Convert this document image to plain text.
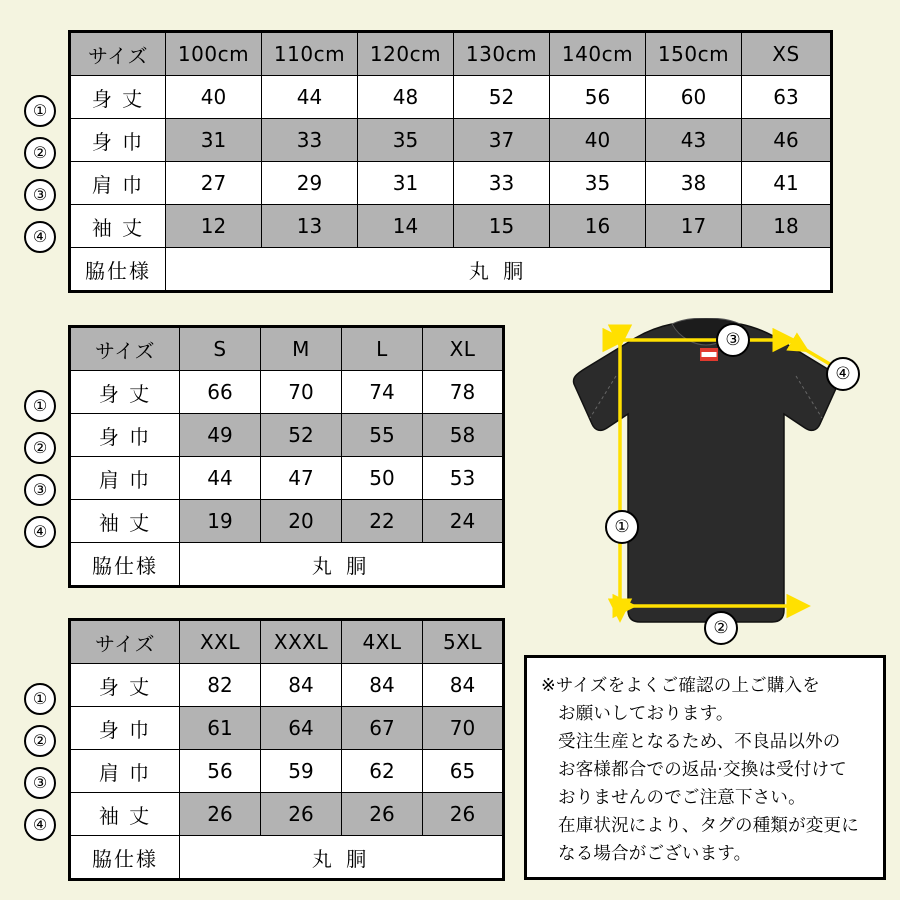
①
②
③
④
サイズ	100cm	110cm	120cm	130cm	140cm	150cm	XS
身 丈	40	44	48	52	56	60	63
身 巾	31	33	35	37	40	43	46
肩 巾	27	29	31	33	35	38	41
袖 丈	12	13	14	15	16	17	18
脇仕様	丸 胴						
①
②
③
④
サイズ	S	M	L	XL
身 丈	66	70	74	78
身 巾	49	52	55	58
肩 巾	44	47	50	53
袖 丈	19	20	22	24
脇仕様	丸 胴			
①
②
③
④
サイズ	XXL	XXXL	4XL	5XL
身 丈	82	84	84	84
身 巾	61	64	67	70
肩 巾	56	59	62	65
袖 丈	26	26	26	26
脇仕様	丸 胴			
③
④
①
②
※サイズをよくご確認の上ご購入を
お願いしております。
受注生産となるため、不良品以外の
お客様都合での返品·交換は受付けて
おりませんのでご注意下さい。
在庫状況により、タグの種類が変更に
なる場合がございます。
